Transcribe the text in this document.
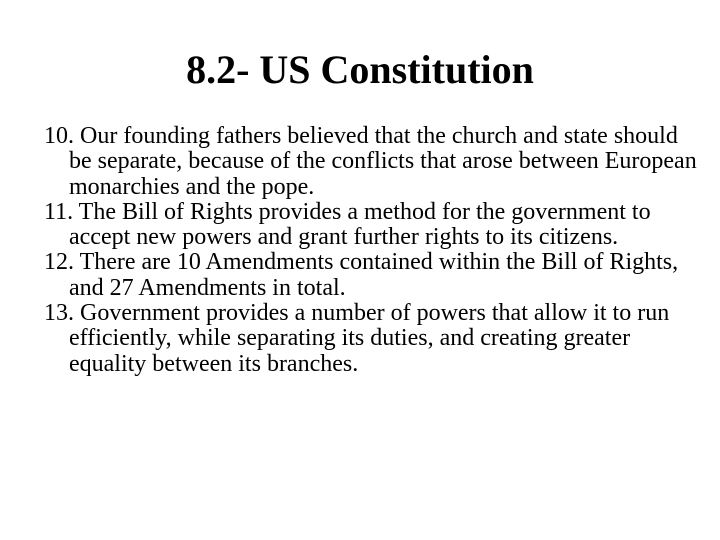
8.2- US Constitution
10. Our founding fathers believed that the church and state should be separate, because of the conflicts that arose between European monarchies and the pope.
11. The Bill of Rights provides a method for the government to accept new powers and grant further rights to its citizens.
12. There are 10 Amendments contained within the Bill of Rights, and 27 Amendments in total.
13. Government provides a number of powers that allow it to run efficiently, while separating its duties, and creating greater equality between its branches.
